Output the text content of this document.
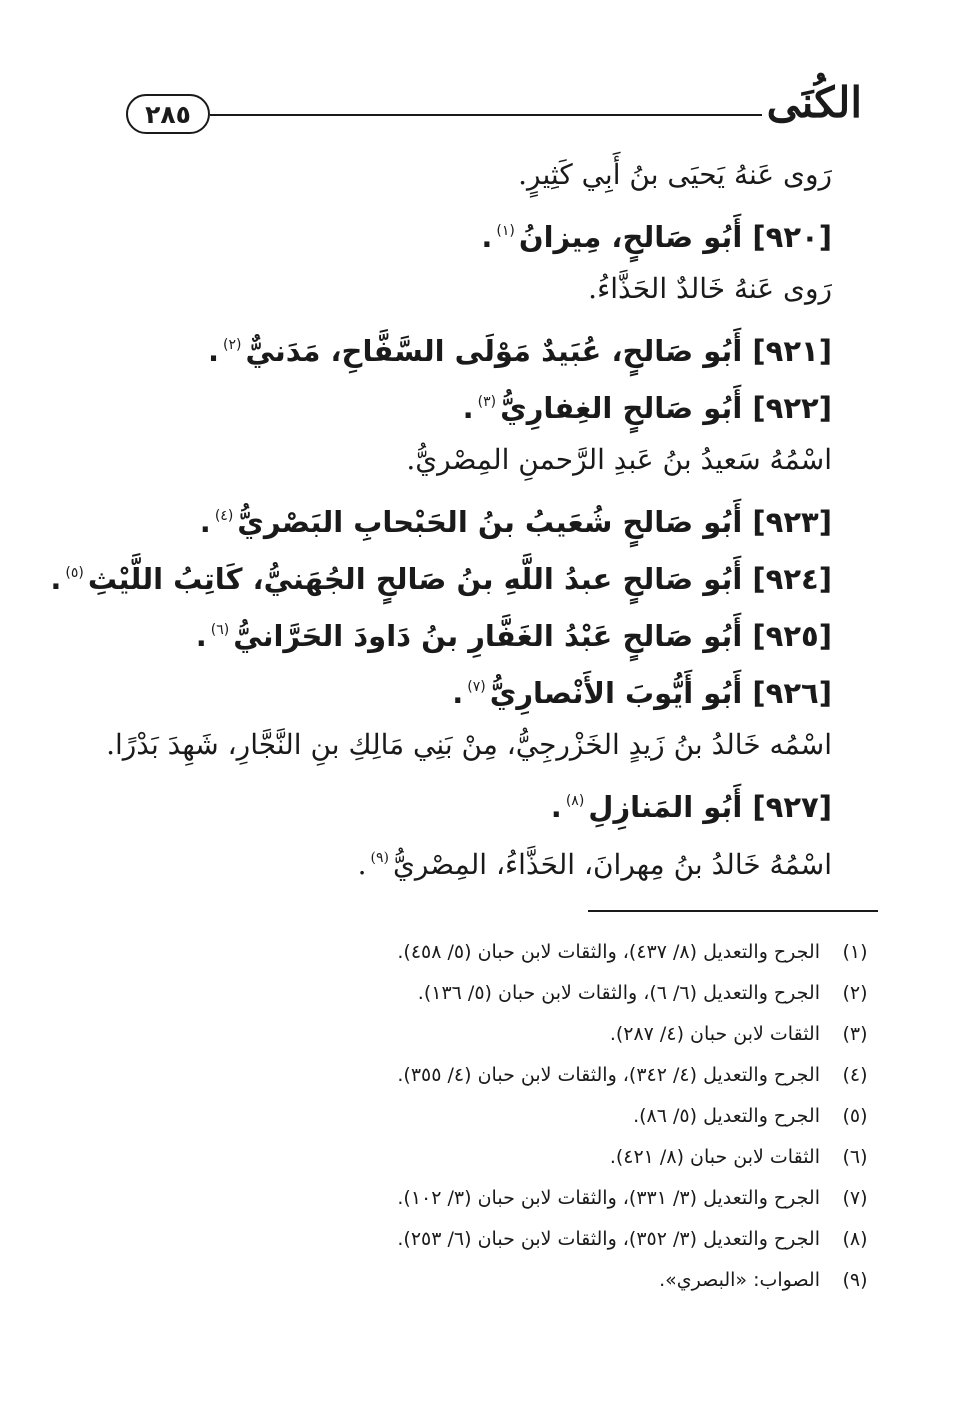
الكُنَى
٢٨٥
رَوى عَنهُ يَحيَى بنُ أَبِي كَثِيرٍ.
[٩٢٠] أَبُو صَالحٍ، مِيزانُ$^{(١)}$.
رَوى عَنهُ خَالدٌ الحَذَّاءُ.
[٩٢١] أَبُو صَالحٍ، عُبَيدٌ مَوْلَى السَّفَّاحِ، مَدَنيٌّ$^{(٢)}$.
[٩٢٢] أَبُو صَالحٍ الغِفارِيُّ$^{(٣)}$.
اسْمُهُ سَعيدُ بنُ عَبدِ الرَّحمنِ المِصْريُّ.
[٩٢٣] أَبُو صَالحٍ شُعَيبُ بنُ الحَبْحابِ البَصْريُّ$^{(٤)}$.
[٩٢٤] أَبُو صَالحٍ عبدُ اللَّهِ بنُ صَالحٍ الجُهَنيُّ، كَاتِبُ اللَّيْثِ$^{(٥)}$.
[٩٢٥] أَبُو صَالحٍ عَبْدُ الغَفَّارِ بنُ دَاودَ الحَرَّانيُّ$^{(٦)}$.
[٩٢٦] أَبُو أَيُّوبَ الأَنْصارِيُّ$^{(٧)}$.
اسْمُه خَالدُ بنُ زَيدٍ الخَزْرجِيُّ، مِنْ بَنِي مَالِكِ بنِ النَّجَّارِ، شَهِدَ بَدْرًا.
[٩٢٧] أَبُو المَنازِلِ$^{(٨)}$.
اسْمُهُ خَالدُ بنُ مِهرانَ، الحَذَّاءُ، المِصْريُّ$^{(٩)}$.
(١)
الجرح والتعديل (٨/ ٤٣٧)، والثقات لابن حبان (٥/ ٤٥٨).
(٢)
الجرح والتعديل (٦/ ٦)، والثقات لابن حبان (٥/ ١٣٦).
(٣)
الثقات لابن حبان (٤/ ٢٨٧).
(٤)
الجرح والتعديل (٤/ ٣٤٢)، والثقات لابن حبان (٤/ ٣٥٥).
(٥)
الجرح والتعديل (٥/ ٨٦).
(٦)
الثقات لابن حبان (٨/ ٤٢١).
(٧)
الجرح والتعديل (٣/ ٣٣١)، والثقات لابن حبان (٣/ ١٠٢).
(٨)
الجرح والتعديل (٣/ ٣٥٢)، والثقات لابن حبان (٦/ ٢٥٣).
(٩)
الصواب: «البصري».
